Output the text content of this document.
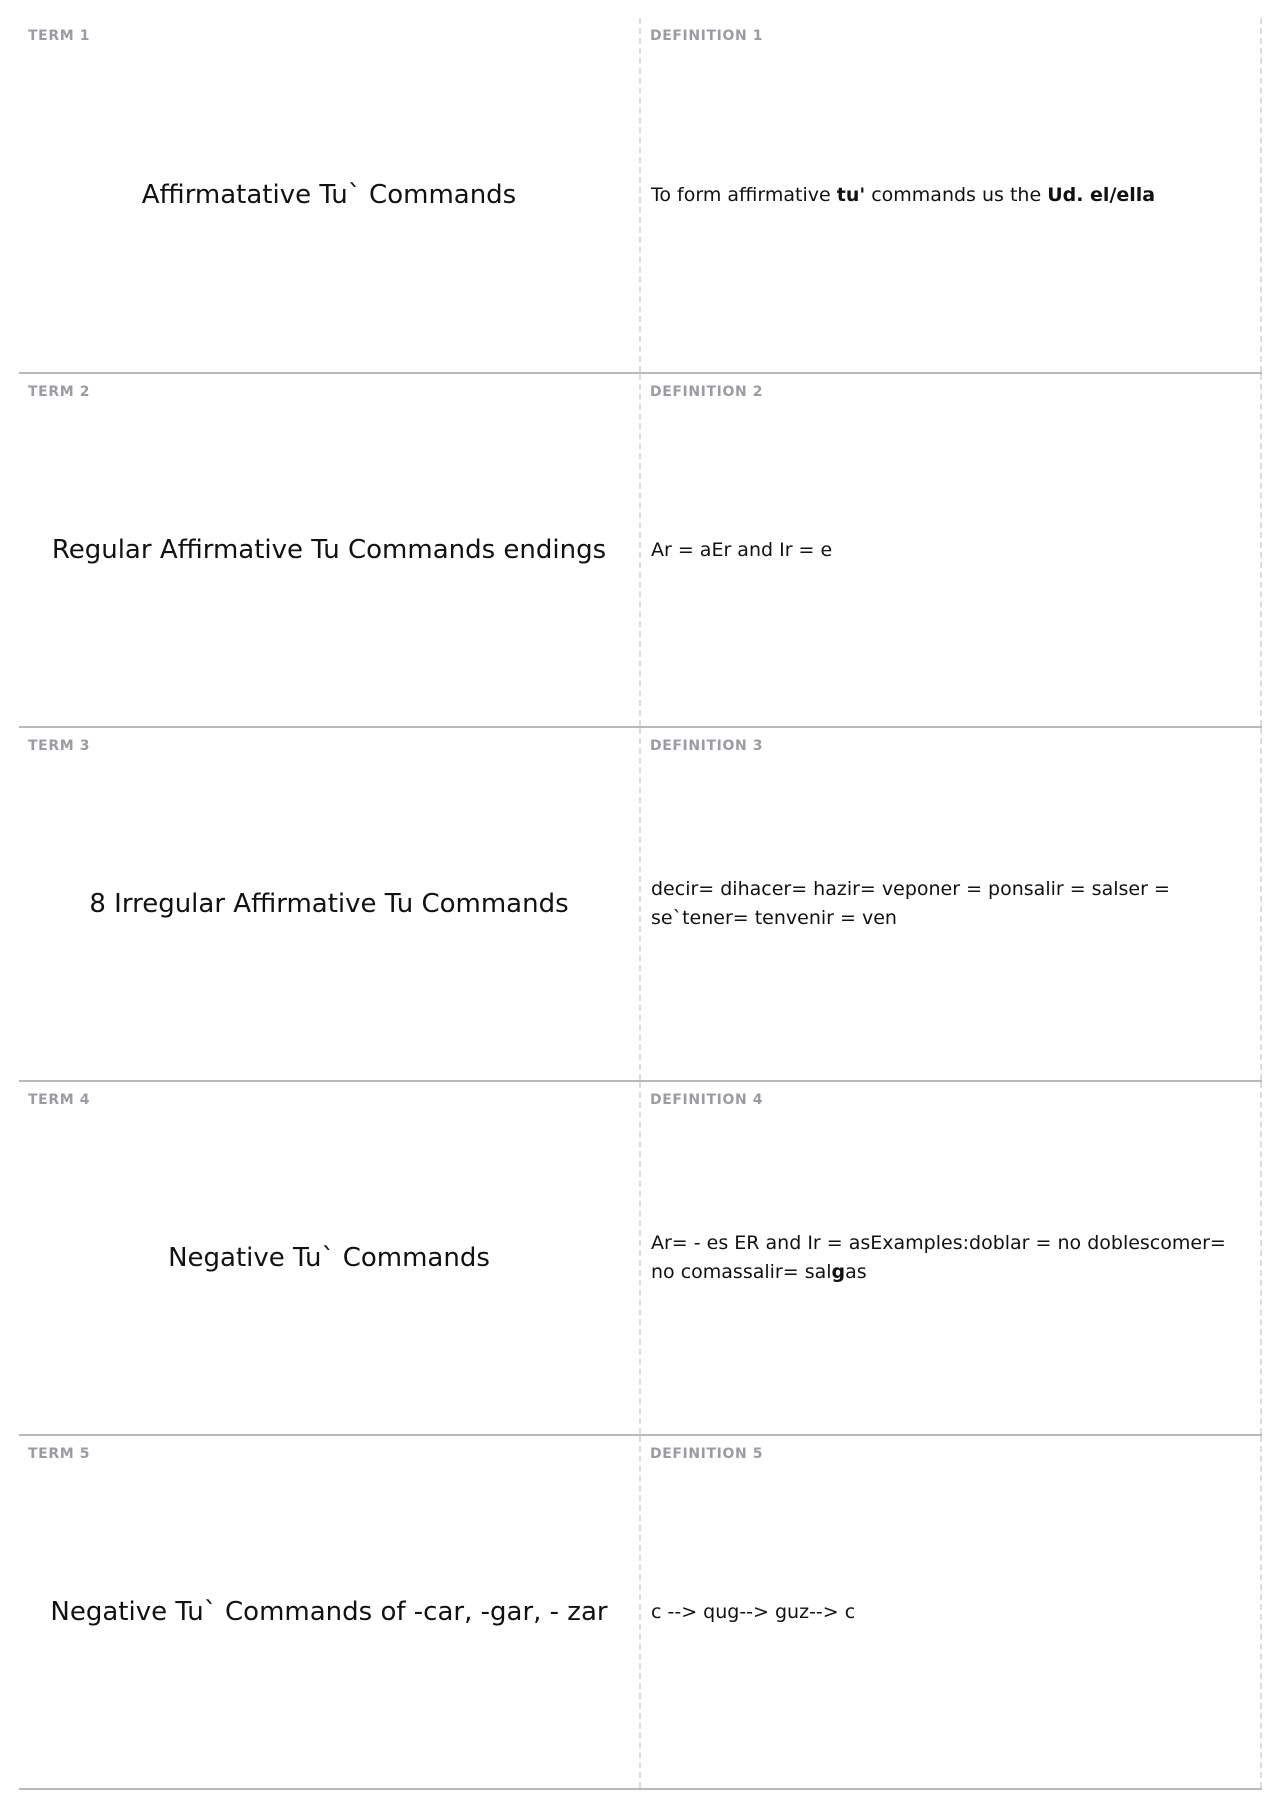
TERM 1
Affirmatative Tu` Commands
DEFINITION 1
To form affirmative tu' commands us the Ud. el/ella
TERM 2
Regular Affirmative Tu Commands endings
DEFINITION 2
Ar = aEr and Ir = e
TERM 3
8 Irregular Affirmative Tu Commands
DEFINITION 3
decir= dihacer= hazir= veponer = ponsalir = salser = se`tener= tenvenir = ven
TERM 4
Negative Tu` Commands
DEFINITION 4
Ar= - es ER and Ir = asExamples:doblar = no doblescomer= no comassalir= salgas
TERM 5
Negative Tu` Commands of -car, -gar, - zar
DEFINITION 5
c --> qug--> guz--> c
